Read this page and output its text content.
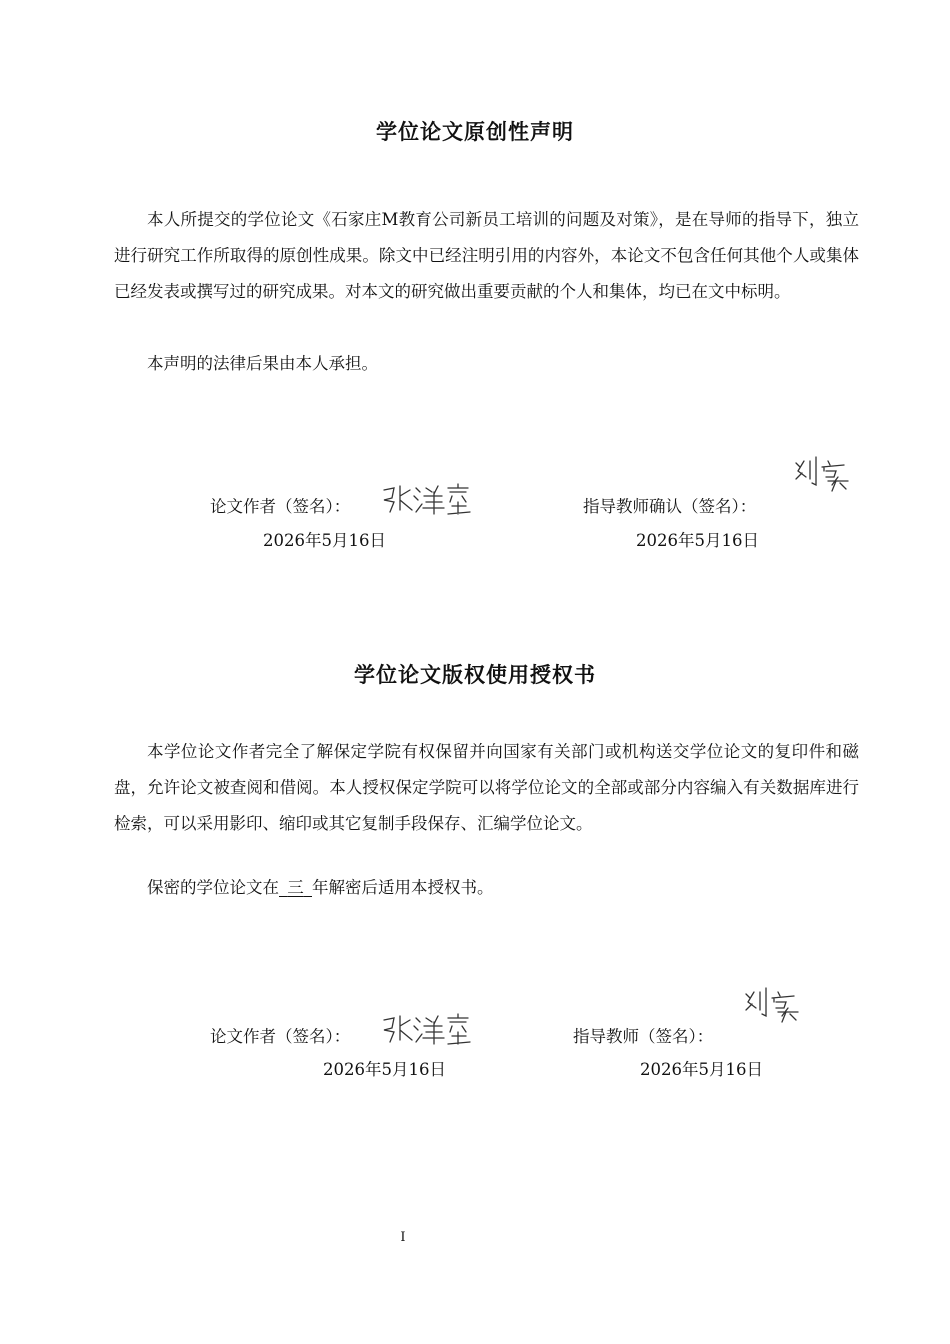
学位论文原创性声明

本人所提交的学位论文《石家庄M教育公司新员工培训的问题及对策》，是在导师的指导下，独立进行研究工作所取得的原创性成果。除文中已经注明引用的内容外，本论文不包含任何其他个人或集体已经发表或撰写过的研究成果。对本文的研究做出重要贡献的个人和集体，均已在文中标明。

本声明的法律后果由本人承担。

论文作者（签名）：
2026年5月16日
指导教师确认（签名）：
2026年5月16日
学位论文版权使用授权书

本学位论文作者完全了解保定学院有权保留并向国家有关部门或机构送交学位论文的复印件和磁盘，允许论文被查阅和借阅。本人授权保定学院可以将学位论文的全部或部分内容编入有关数据库进行检索，可以采用影印、缩印或其它复制手段保存、汇编学位论文。

保密的学位论文在  三  年解密后适用本授权书。

论文作者（签名）：
2026年5月16日
指导教师（签名）：
2026年5月16日
I
